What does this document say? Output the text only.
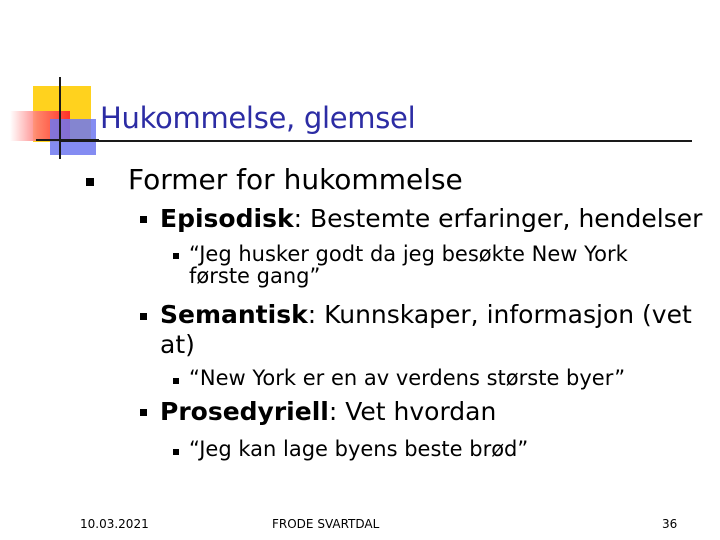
Hukommelse, glemsel
Former for hukommelse
Episodisk: Bestemte erfaringer, hendelser
“Jeg husker godt da jeg besøkte New York
første gang”
Semantisk: Kunnskaper, informasjon (vet
at)
“New York er en av verdens største byer”
Prosedyriell: Vet hvordan
“Jeg kan lage byens beste brød”
10.03.2021	FRODE SVARTDAL	36
